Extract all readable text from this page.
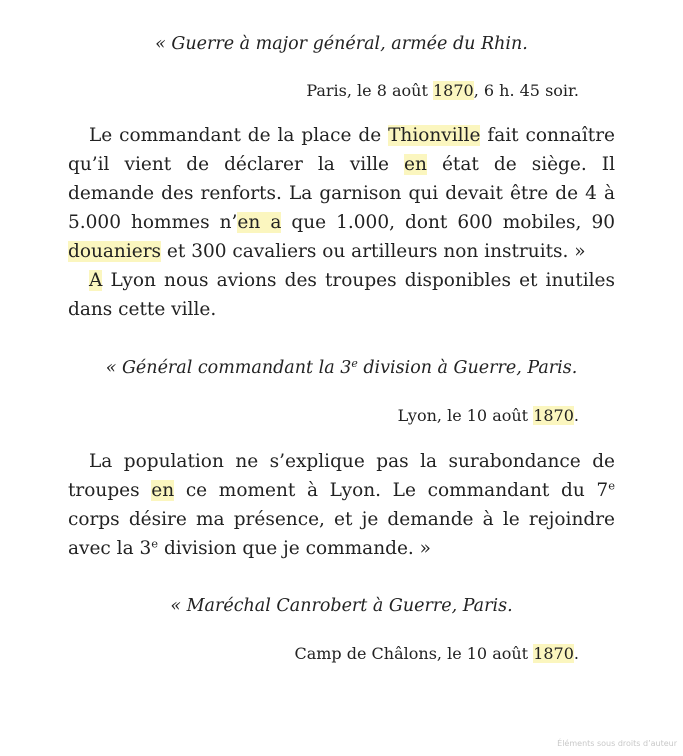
« Guerre à major général, armée du Rhin.
Paris, le 8 août 1870, 6 h. 45 soir.

Le commandant de la place de Thionville fait connaître qu’il vient de déclarer la ville en état de siège. Il demande des renforts. La garnison qui devait être de 4 à 5.000 hommes n’en a que 1.000, dont 600 mobiles, 90 douaniers et 300 cavaliers ou artilleurs non instruits. »

A Lyon nous avions des troupes disponibles et inutiles dans cette ville.

« Général commandant la 3e division à Guerre, Paris.
Lyon, le 10 août 1870.

La population ne s’explique pas la surabondance de troupes en ce moment à Lyon. Le commandant du 7e corps désire ma présence, et je demande à le rejoindre avec la 3e division que je commande. »

« Maréchal Canrobert à Guerre, Paris.
Camp de Châlons, le 10 août 1870.
Éléments sous droits d’auteur
